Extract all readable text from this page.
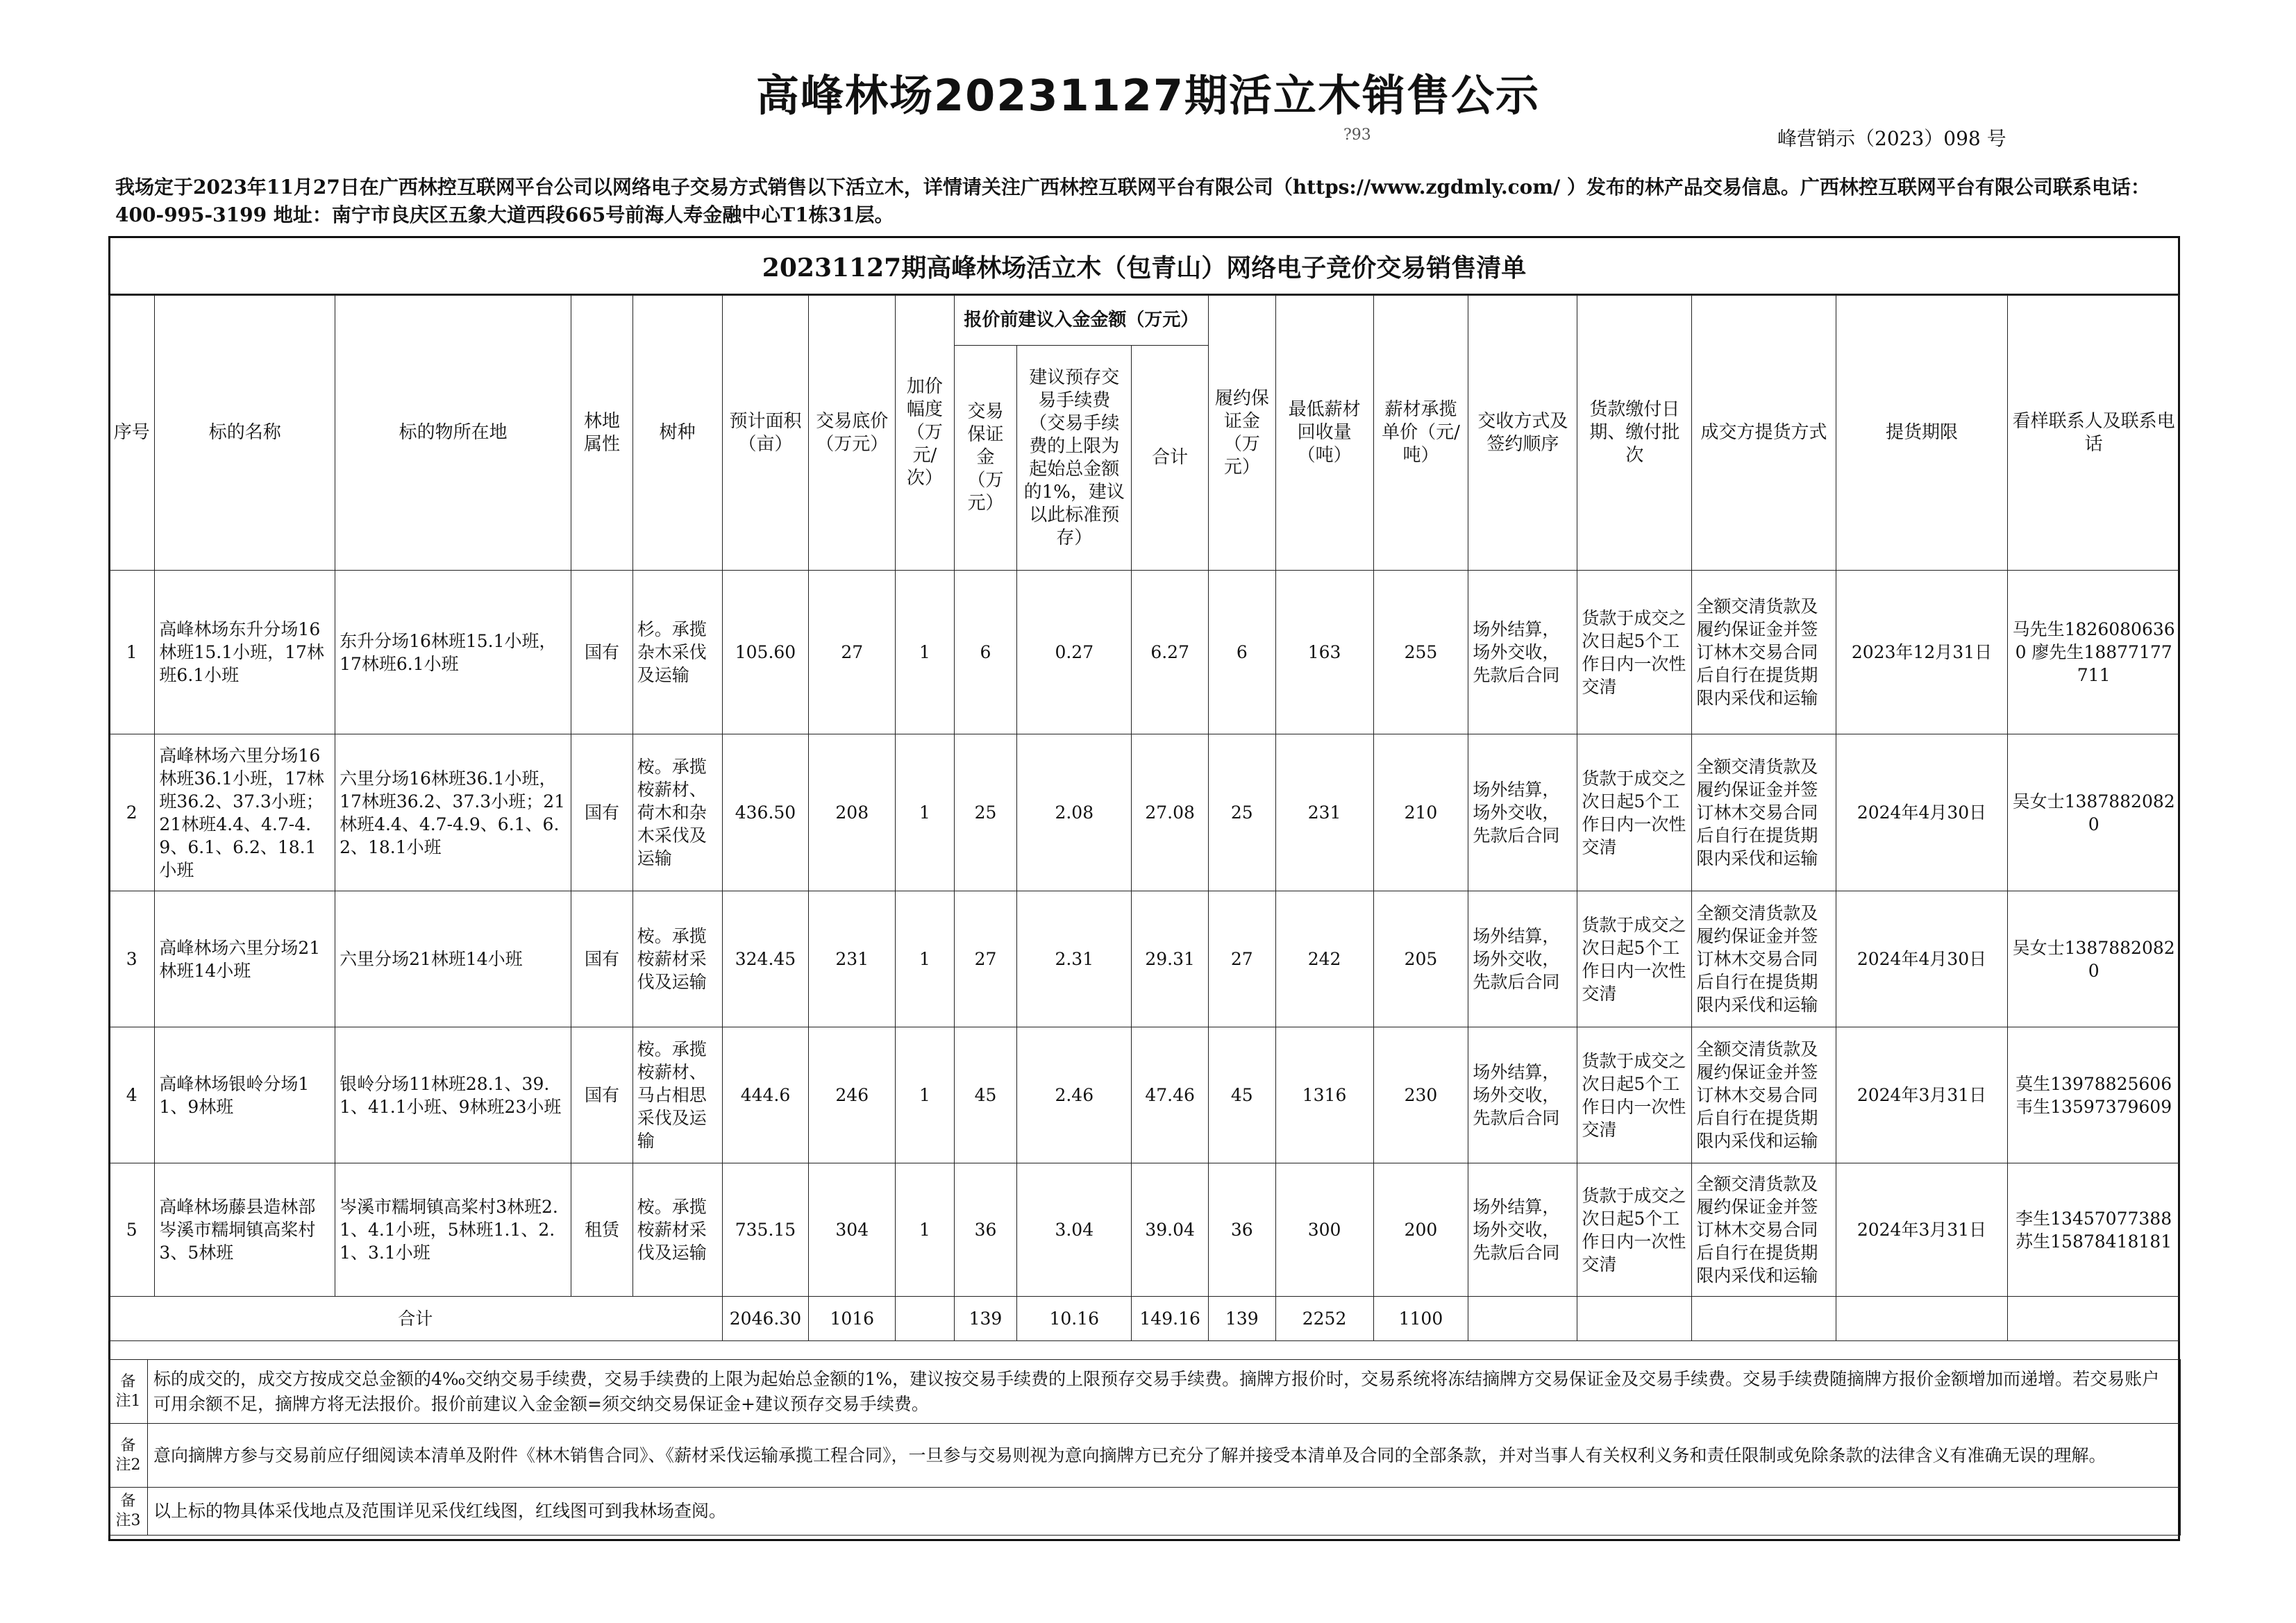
高峰林场20231127期活立木销售公示
?93	峰营销示（2023）098 号
我场定于2023年11月27日在广西林控互联网平台公司以网络电子交易方式销售以下活立木，详情请关注广西林控互联网平台有限公司（https://www.zgdmly.com/ ）发布的林产品交易信息。广西林控互联网平台有限公司联系电话：400-995-3199 地址：南宁市良庆区五象大道西段665号前海人寿金融中心T1栋31层。
20231127期高峰林场活立木（包青山）网络电子竞价交易销售清单
序号	标的名称	标的物所在地	林地属性	树种	预计面积（亩）	交易底价（万元）	加价幅度（万元/次）	报价前建议入金金额（万元）			履约保证金（万元）	最低薪材回收量（吨）	薪材承揽单价（元/吨）	交收方式及签约顺序	货款缴付日期、缴付批次	成交方提货方式	提货期限	看样联系人及联系电话
								交易保证金（万元）	建议预存交易手续费（交易手续费的上限为起始总金额的1%，建议以此标准预存）	合计								
1	高峰林场东升分场16林班15.1小班，17林班6.1小班	东升分场16林班15.1小班，17林班6.1小班	国有	杉。承揽杂木采伐及运输	105.60	27	1	6	0.27	6.27	6	163	255	场外结算，场外交收，先款后合同	货款于成交之次日起5个工作日内一次性交清	全额交清货款及履约保证金并签订林木交易合同后自行在提货期限内采伐和运输	2023年12月31日	马先生18260806360 廖先生18877177711
2	高峰林场六里分场16林班36.1小班，17林班36.2、37.3小班；21林班4.4、4.7-4.9、6.1、6.2、18.1小班	六里分场16林班36.1小班，17林班36.2、37.3小班；21林班4.4、4.7-4.9、6.1、6.2、18.1小班	国有	桉。承揽桉薪材、荷木和杂木采伐及运输	436.50	208	1	25	2.08	27.08	25	231	210	场外结算，场外交收，先款后合同	货款于成交之次日起5个工作日内一次性交清	全额交清货款及履约保证金并签订林木交易合同后自行在提货期限内采伐和运输	2024年4月30日	吴女士13878820820
3	高峰林场六里分场21林班14小班	六里分场21林班14小班	国有	桉。承揽桉薪材采伐及运输	324.45	231	1	27	2.31	29.31	27	242	205	场外结算，场外交收，先款后合同	货款于成交之次日起5个工作日内一次性交清	全额交清货款及履约保证金并签订林木交易合同后自行在提货期限内采伐和运输	2024年4月30日	吴女士13878820820
4	高峰林场银岭分场11、9林班	银岭分场11林班28.1、39.1、41.1小班、9林班23小班	国有	桉。承揽桉薪材、马占相思采伐及运输	444.6	246	1	45	2.46	47.46	45	1316	230	场外结算，场外交收，先款后合同	货款于成交之次日起5个工作日内一次性交清	全额交清货款及履约保证金并签订林木交易合同后自行在提货期限内采伐和运输	2024年3月31日	莫生13978825606 韦生13597379609
5	高峰林场藤县造林部岑溪市糯垌镇高桨村3、5林班	岑溪市糯垌镇高桨村3林班2.1、4.1小班，5林班1.1、2.1、3.1小班	租赁	桉。承揽桉薪材采伐及运输	735.15	304	1	36	3.04	39.04	36	300	200	场外结算，场外交收，先款后合同	货款于成交之次日起5个工作日内一次性交清	全额交清货款及履约保证金并签订林木交易合同后自行在提货期限内采伐和运输	2024年3月31日	李生13457077388 苏生15878418181
合计					2046.30	1016		139	10.16	149.16	139	2252	1100					
备注1	标的成交的，成交方按成交总金额的4‰交纳交易手续费，交易手续费的上限为起始总金额的1%，建议按交易手续费的上限预存交易手续费。摘牌方报价时，交易系统将冻结摘牌方交易保证金及交易手续费。交易手续费随摘牌方报价金额增加而递增。若交易账户可用余额不足，摘牌方将无法报价。报价前建议入金金额=须交纳交易保证金+建议预存交易手续费。
备注2	意向摘牌方参与交易前应仔细阅读本清单及附件《林木销售合同》、《薪材采伐运输承揽工程合同》，一旦参与交易则视为意向摘牌方已充分了解并接受本清单及合同的全部条款，并对当事人有关权利义务和责任限制或免除条款的法律含义有准确无误的理解。
备注3	以上标的物具体采伐地点及范围详见采伐红线图，红线图可到我林场查阅。
